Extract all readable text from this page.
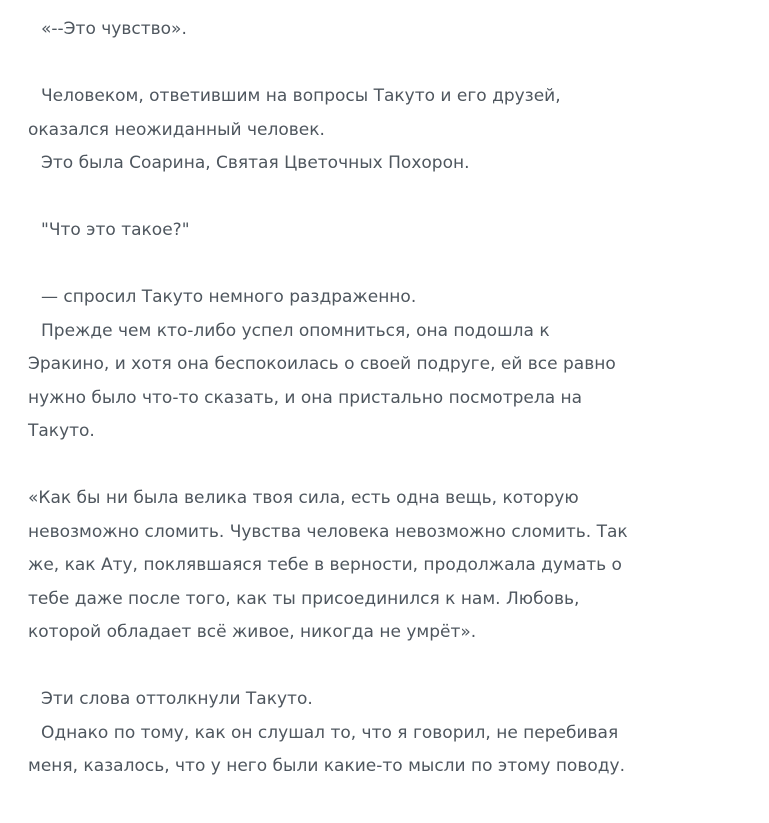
«--Это чувство».

Человеком, ответившим на вопросы Такуто и его друзей, оказался неожиданный человек.

Это была Соарина, Святая Цветочных Похорон.

"Что это такое?"

— спросил Такуто немного раздраженно.

Прежде чем кто-либо успел опомниться, она подошла к Эракино, и хотя она беспокоилась о своей подруге, ей все равно нужно было что-то сказать, и она пристально посмотрела на Такуто.

«Как бы ни была велика твоя сила, есть одна вещь, которую невозможно сломить. Чувства человека невозможно сломить. Так же, как Ату, поклявшаяся тебе в верности, продолжала думать о тебе даже после того, как ты присоединился к нам. Любовь, которой обладает всё живое, никогда не умрёт».

Эти слова оттолкнули Такуто.

Однако по тому, как он слушал то, что я говорил, не перебивая меня, казалось, что у него были какие-то мысли по этому поводу.
